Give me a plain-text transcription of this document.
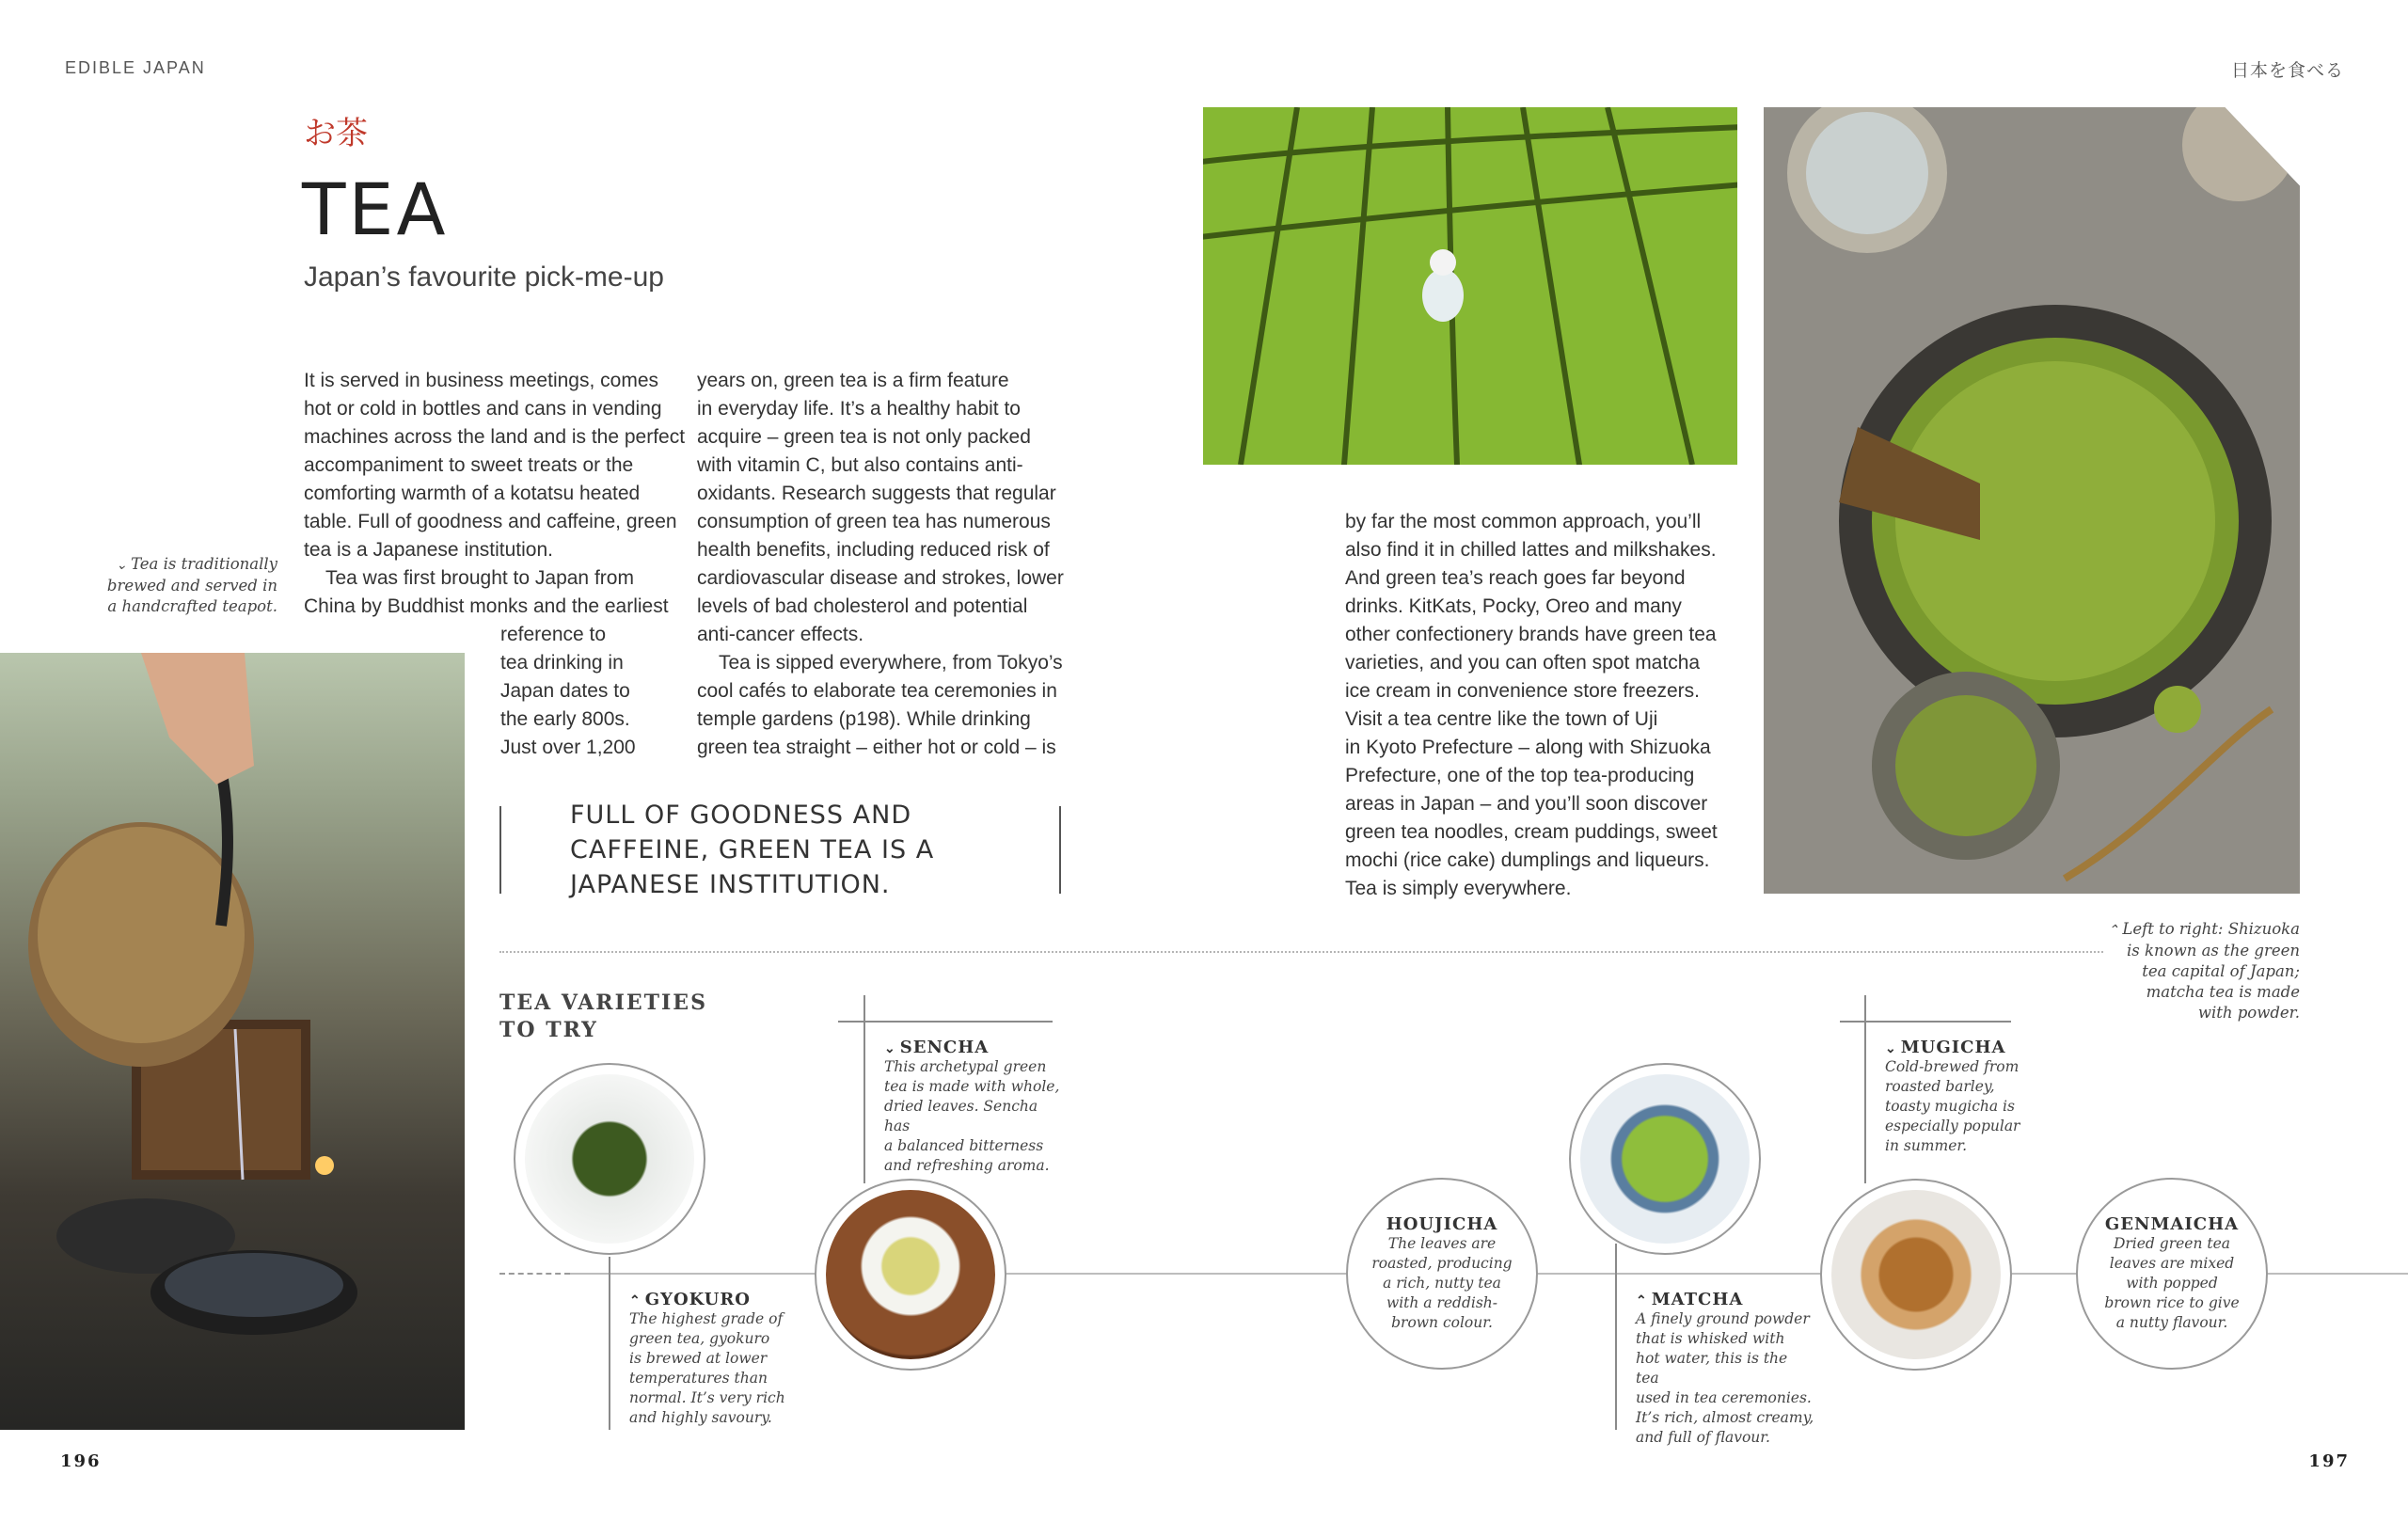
EDIBLE JAPAN	日本を食べる
お茶
TEA
Japan’s favourite pick-me-up

It is served in business meetings, comes

hot or cold in bottles and cans in vending

machines across the land and is the perfect

accompaniment to sweet treats or the

comforting warmth of a kotatsu heated

table. Full of goodness and caffeine, green

tea is a Japanese institution.

Tea was first brought to Japan from

China by Buddhist monks and the earliest

reference to

tea drinking in

Japan dates to

the early 800s.

Just over 1,200

years on, green tea is a firm feature

in everyday life. It’s a healthy habit to

acquire – green tea is not only packed

with vitamin C, but also contains anti-

oxidants. Research suggests that regular

consumption of green tea has numerous

health benefits, including reduced risk of

cardiovascular disease and strokes, lower

levels of bad cholesterol and potential

anti-cancer effects.

Tea is sipped everywhere, from Tokyo’s

cool cafés to elaborate tea ceremonies in

temple gardens (p198). While drinking

green tea straight – either hot or cold – is

by far the most common approach, you’ll

also find it in chilled lattes and milkshakes.

And green tea’s reach goes far beyond

drinks. KitKats, Pocky, Oreo and many

other confectionery brands have green tea

varieties, and you can often spot matcha

ice cream in convenience store freezers.

Visit a tea centre like the town of Uji

in Kyoto Prefecture – along with Shizuoka

Prefecture, one of the top tea-producing

areas in Japan – and you’ll soon discover

green tea noodles, cream puddings, sweet

mochi (rice cake) dumplings and liqueurs.

Tea is simply everywhere.

⌄ Tea is traditionally
brewed and served in
a handcrafted teapot.
FULL OF GOODNESS AND
CAFFEINE, GREEN TEA IS A
JAPANESE INSTITUTION.
⌃ Left to right: Shizuoka
is known as the green
tea capital of Japan;
matcha tea is made
with powder.
TEA VARIETIES
TO TRY
⌃ GYOKURO
The highest grade of
green tea, gyokuro
is brewed at lower
temperatures than
normal. It’s very rich
and highly savoury.
⌄ SENCHA
This archetypal green
tea is made with whole,
dried leaves. Sencha has
a balanced bitterness
and refreshing aroma.
HOUJICHA
The leaves are
roasted, producing
a rich, nutty tea
with a reddish-
brown colour.
⌃ MATCHA
A finely ground powder
that is whisked with
hot water, this is the tea
used in tea ceremonies.
It’s rich, almost creamy,
and full of flavour.
⌄ MUGICHA
Cold-brewed from
roasted barley,
toasty mugicha is
especially popular
in summer.
GENMAICHA
Dried green tea
leaves are mixed
with popped
brown rice to give
a nutty flavour.
196	197
